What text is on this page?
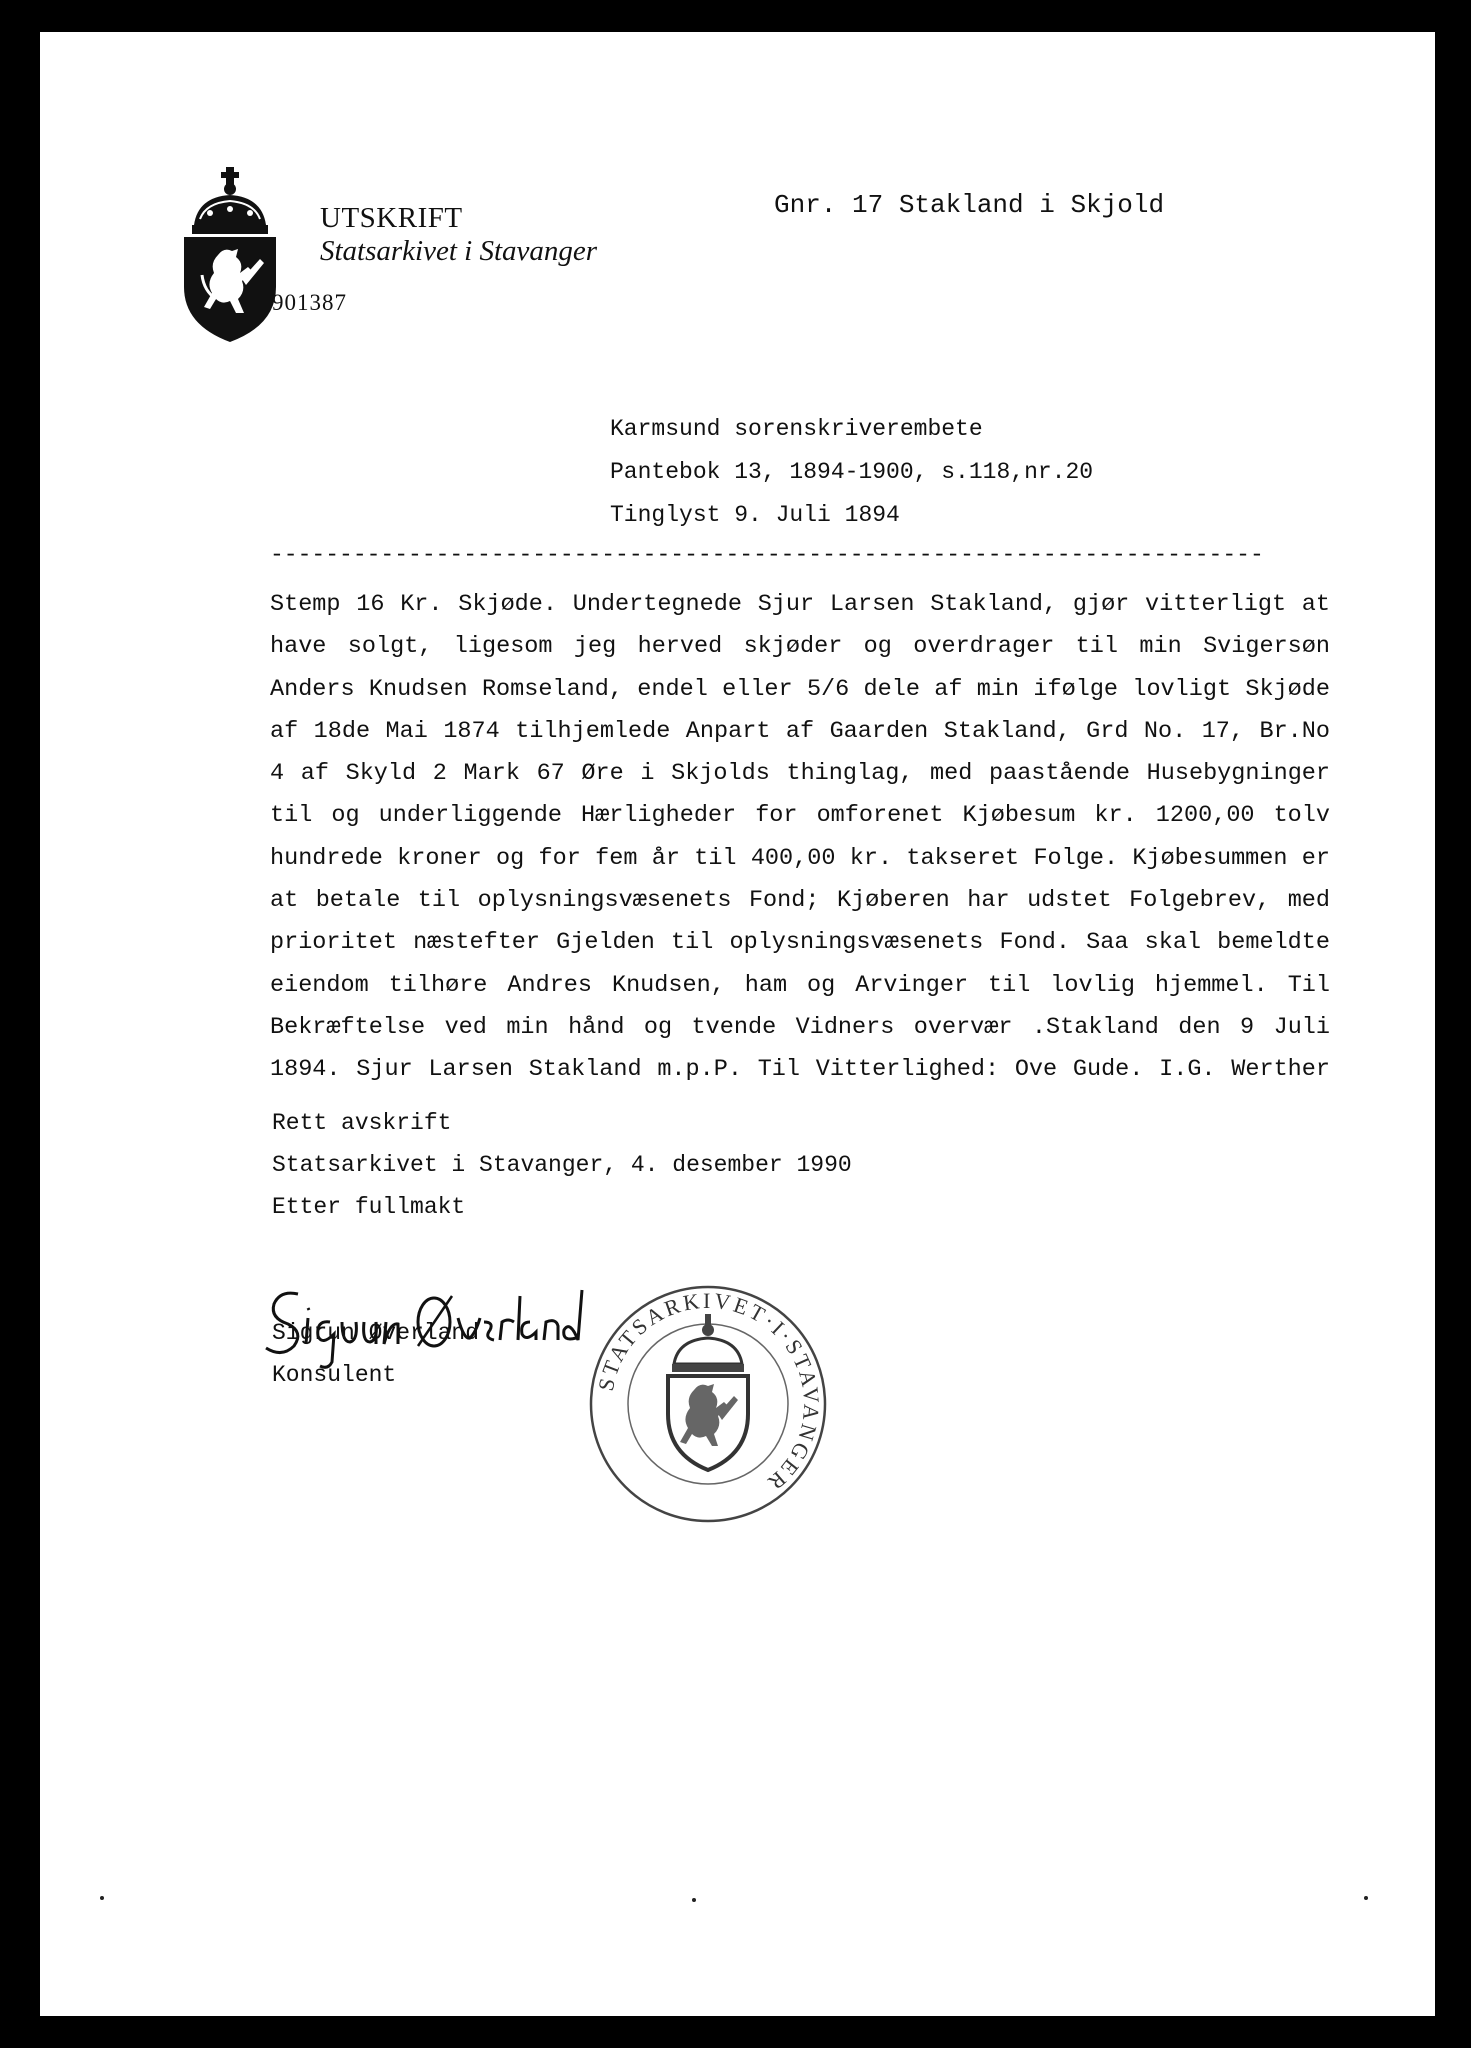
UTSKRIFT
Statsarkivet i Stavanger
901387
Gnr. 17 Stakland i Skjold
Karmsund sorenskriverembete
Pantebok 13, 1894-1900, s.118,nr.20
Tinglyst 9. Juli 1894
------------------------------------------------------------------------
Stemp 16 Kr. Skjøde. Undertegnede Sjur Larsen Stakland, gjør vitterligt at
have solgt, ligesom jeg herved skjøder og overdrager til min Svigersøn
Anders Knudsen Romseland, endel eller 5/6 dele af min ifølge lovligt Skjøde
af 18de Mai 1874 tilhjemlede Anpart af Gaarden Stakland, Grd No. 17, Br.No
4 af Skyld 2 Mark 67 Øre i Skjolds thinglag, med paastående Husebygninger
til og underliggende Hærligheder for omforenet Kjøbesum kr. 1200,00 tolv
hundrede kroner og for fem år til 400,00 kr. takseret Folge. Kjøbesummen er
at betale til oplysningsvæsenets Fond; Kjøberen har udstet Folgebrev, med
prioritet næstefter Gjelden til oplysningsvæsenets Fond. Saa skal bemeldte
eiendom tilhøre Andres Knudsen, ham og Arvinger til lovlig hjemmel. Til
Bekræftelse ved min hånd og tvende Vidners overvær .Stakland den 9 Juli
1894. Sjur Larsen Stakland m.p.P. Til Vitterlighed: Ove Gude. I.G. Werther
Rett avskrift
Statsarkivet i Stavanger, 4. desember 1990
Etter fullmakt
Sigrun Øverland
Konsulent	STATSARKIVET·I·STAVANGER
